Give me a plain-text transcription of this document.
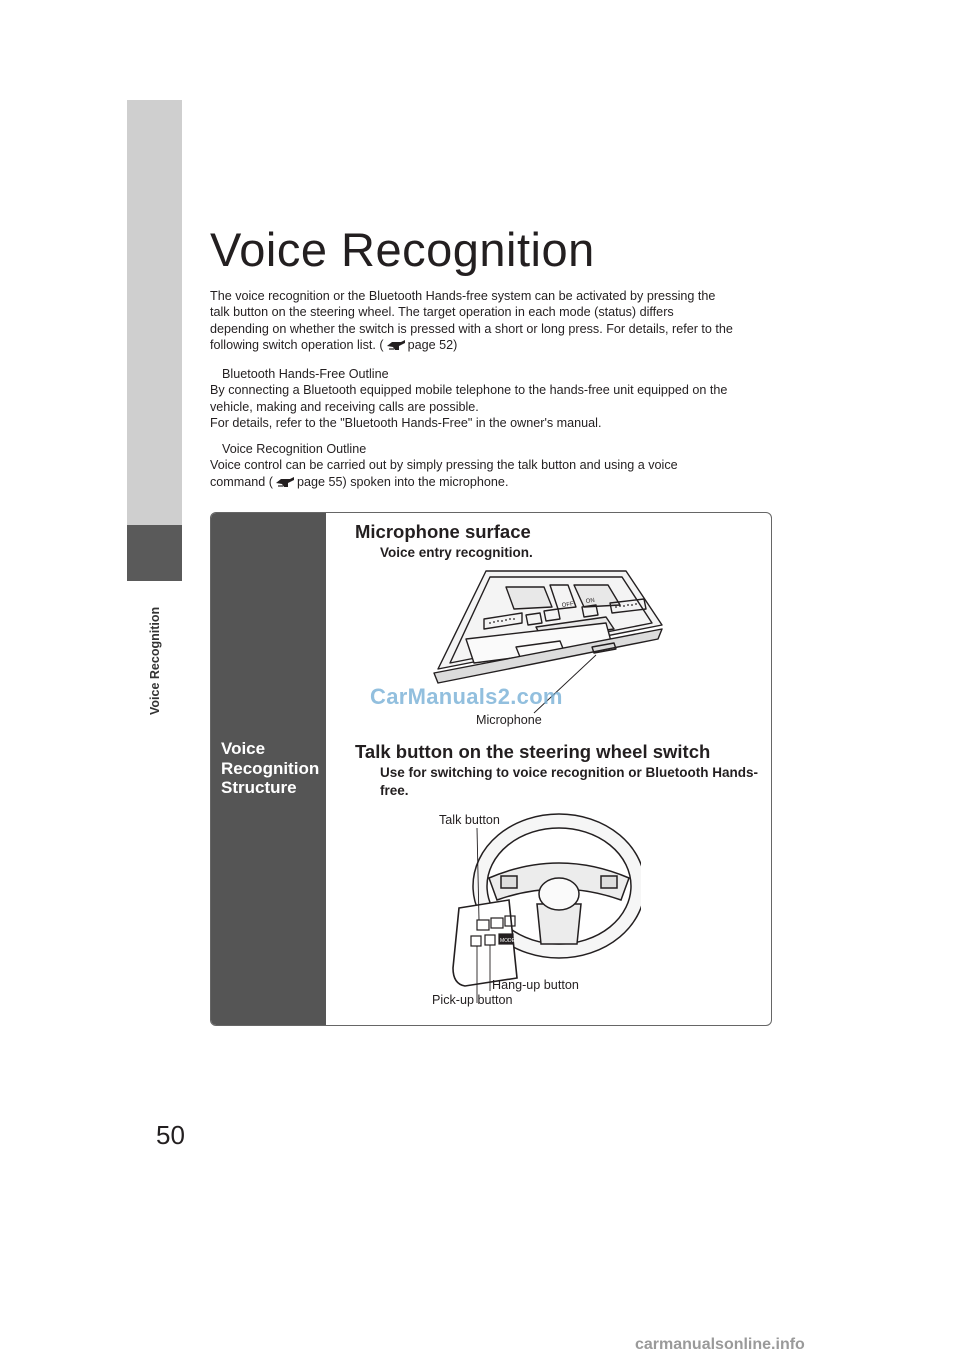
Voice Recognition
50
Voice Recognition
The voice recognition or the Bluetooth Hands-free system can be activated by pressing the
talk button on the steering wheel. The target operation in each mode (status) differs
depending on whether the switch is pressed with a short or long press. For details, refer to the
following switch operation list. ( page 52)
Bluetooth Hands-Free Outline
By connecting a Bluetooth equipped mobile telephone to the hands-free unit equipped on the
vehicle, making and receiving calls are possible.
For details, refer to the "Bluetooth Hands-Free" in the owner's manual.
Voice Recognition Outline
Voice control can be carried out by simply pressing the talk button and using a voice
command ( page 55) spoken into the microphone.
Voice
Recognition
Structure
Microphone surface
Voice entry recognition.
OFF ON
Microphone
Talk button on the steering wheel switch
Use for switching to voice recognition or Bluetooth Hands-free.
MODE
Talk button
Hang-up button
Pick-up button
CarManuals2.com
carmanualsonline.info
